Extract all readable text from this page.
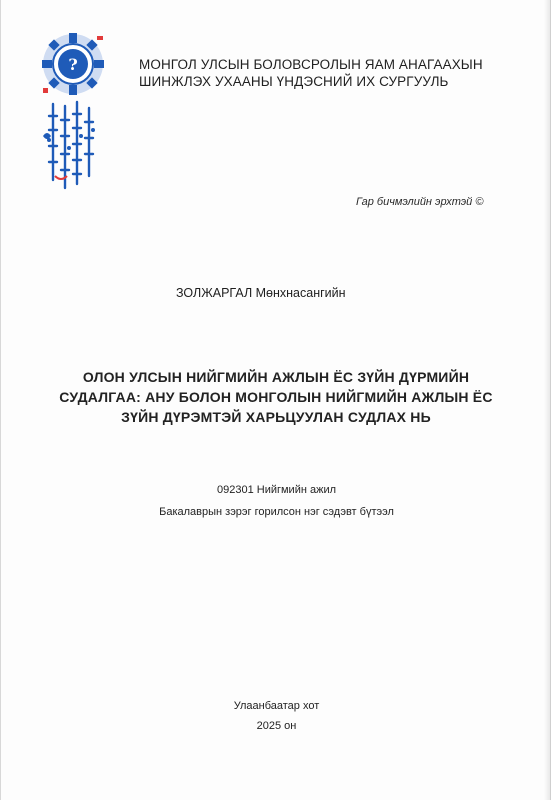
?	МОНГОЛ УЛСЫН БОЛОВСРОЛЫН ЯАМ АНАГААХЫН
ШИНЖЛЭХ УХААНЫ ҮНДЭСНИЙ ИХ СУРГУУЛЬ
Гар бичмэлийн эрхтэй ©
ЗОЛЖАРГАЛ Мөнхнасангийн
ОЛОН УЛСЫН НИЙГМИЙН АЖЛЫН ЁС ЗҮЙН ДҮРМИЙН
СУДАЛГАА: АНУ БОЛОН МОНГОЛЫН НИЙГМИЙН АЖЛЫН ЁС
ЗҮЙН ДҮРЭМТЭЙ ХАРЬЦУУЛАН СУДЛАХ НЬ
092301 Нийгмийн ажил
Бакалаврын зэрэг горилсон нэг сэдэвт бүтээл
Улаанбаатар хот
2025 он
